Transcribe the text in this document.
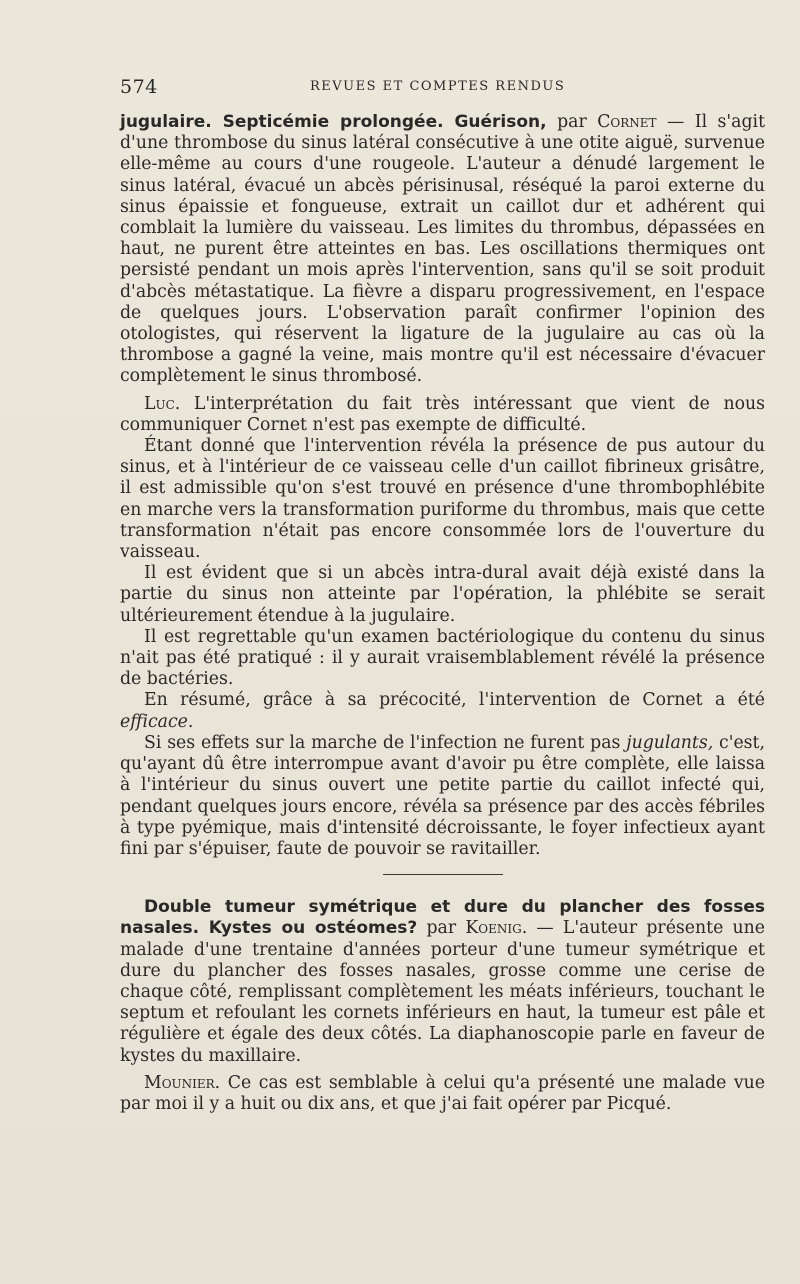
574	REVUES ET COMPTES RENDUS

jugulaire. Septicémie prolongée. Guérison, par Cornet — Il s'agit d'une thrombose du sinus latéral consécutive à une otite aiguë, survenue elle-même au cours d'une rougeole. L'auteur a dénudé largement le sinus latéral, évacué un abcès périsinusal, réséqué la paroi externe du sinus épaissie et fongueuse, extrait un caillot dur et adhérent qui comblait la lumière du vaisseau. Les limites du thrombus, dépassées en haut, ne purent être atteintes en bas. Les oscillations thermiques ont persisté pendant un mois après l'intervention, sans qu'il se soit produit d'abcès métastatique. La fièvre a disparu progressivement, en l'espace de quelques jours. L'observation paraît confirmer l'opinion des otologistes, qui réservent la ligature de la jugulaire au cas où la thrombose a gagné la veine, mais montre qu'il est nécessaire d'évacuer complètement le sinus thrombosé.

Luc. L'interprétation du fait très intéressant que vient de nous communiquer Cornet n'est pas exempte de difficulté.

Étant donné que l'intervention révéla la présence de pus autour du sinus, et à l'intérieur de ce vaisseau celle d'un caillot fibrineux grisâtre, il est admissible qu'on s'est trouvé en présence d'une thrombophlébite en marche vers la transformation puriforme du thrombus, mais que cette transformation n'était pas encore consommée lors de l'ouverture du vaisseau.

Il est évident que si un abcès intra-dural avait déjà existé dans la partie du sinus non atteinte par l'opération, la phlébite se serait ultérieurement étendue à la jugulaire.

Il est regrettable qu'un examen bactériologique du contenu du sinus n'ait pas été pratiqué : il y aurait vraisemblablement révélé la présence de bactéries.

En résumé, grâce à sa précocité, l'intervention de Cornet a été efficace.

Si ses effets sur la marche de l'infection ne furent pas jugulants, c'est, qu'ayant dû être interrompue avant d'avoir pu être complète, elle laissa à l'intérieur du sinus ouvert une petite partie du caillot infecté qui, pendant quelques jours encore, révéla sa présence par des accès fébriles à type pyémique, mais d'intensité décroissante, le foyer infectieux ayant fini par s'épuiser, faute de pouvoir se ravitailler.

Double tumeur symétrique et dure du plancher des fosses nasales. Kystes ou ostéomes? par Koenig. — L'auteur présente une malade d'une trentaine d'années porteur d'une tumeur symétrique et dure du plancher des fosses nasales, grosse comme une cerise de chaque côté, remplissant complètement les méats inférieurs, touchant le septum et refoulant les cornets inférieurs en haut, la tumeur est pâle et régulière et égale des deux côtés. La diaphanoscopie parle en faveur de kystes du maxillaire.

Mounier. Ce cas est semblable à celui qu'a présenté une malade vue par moi il y a huit ou dix ans, et que j'ai fait opérer par Picqué.
